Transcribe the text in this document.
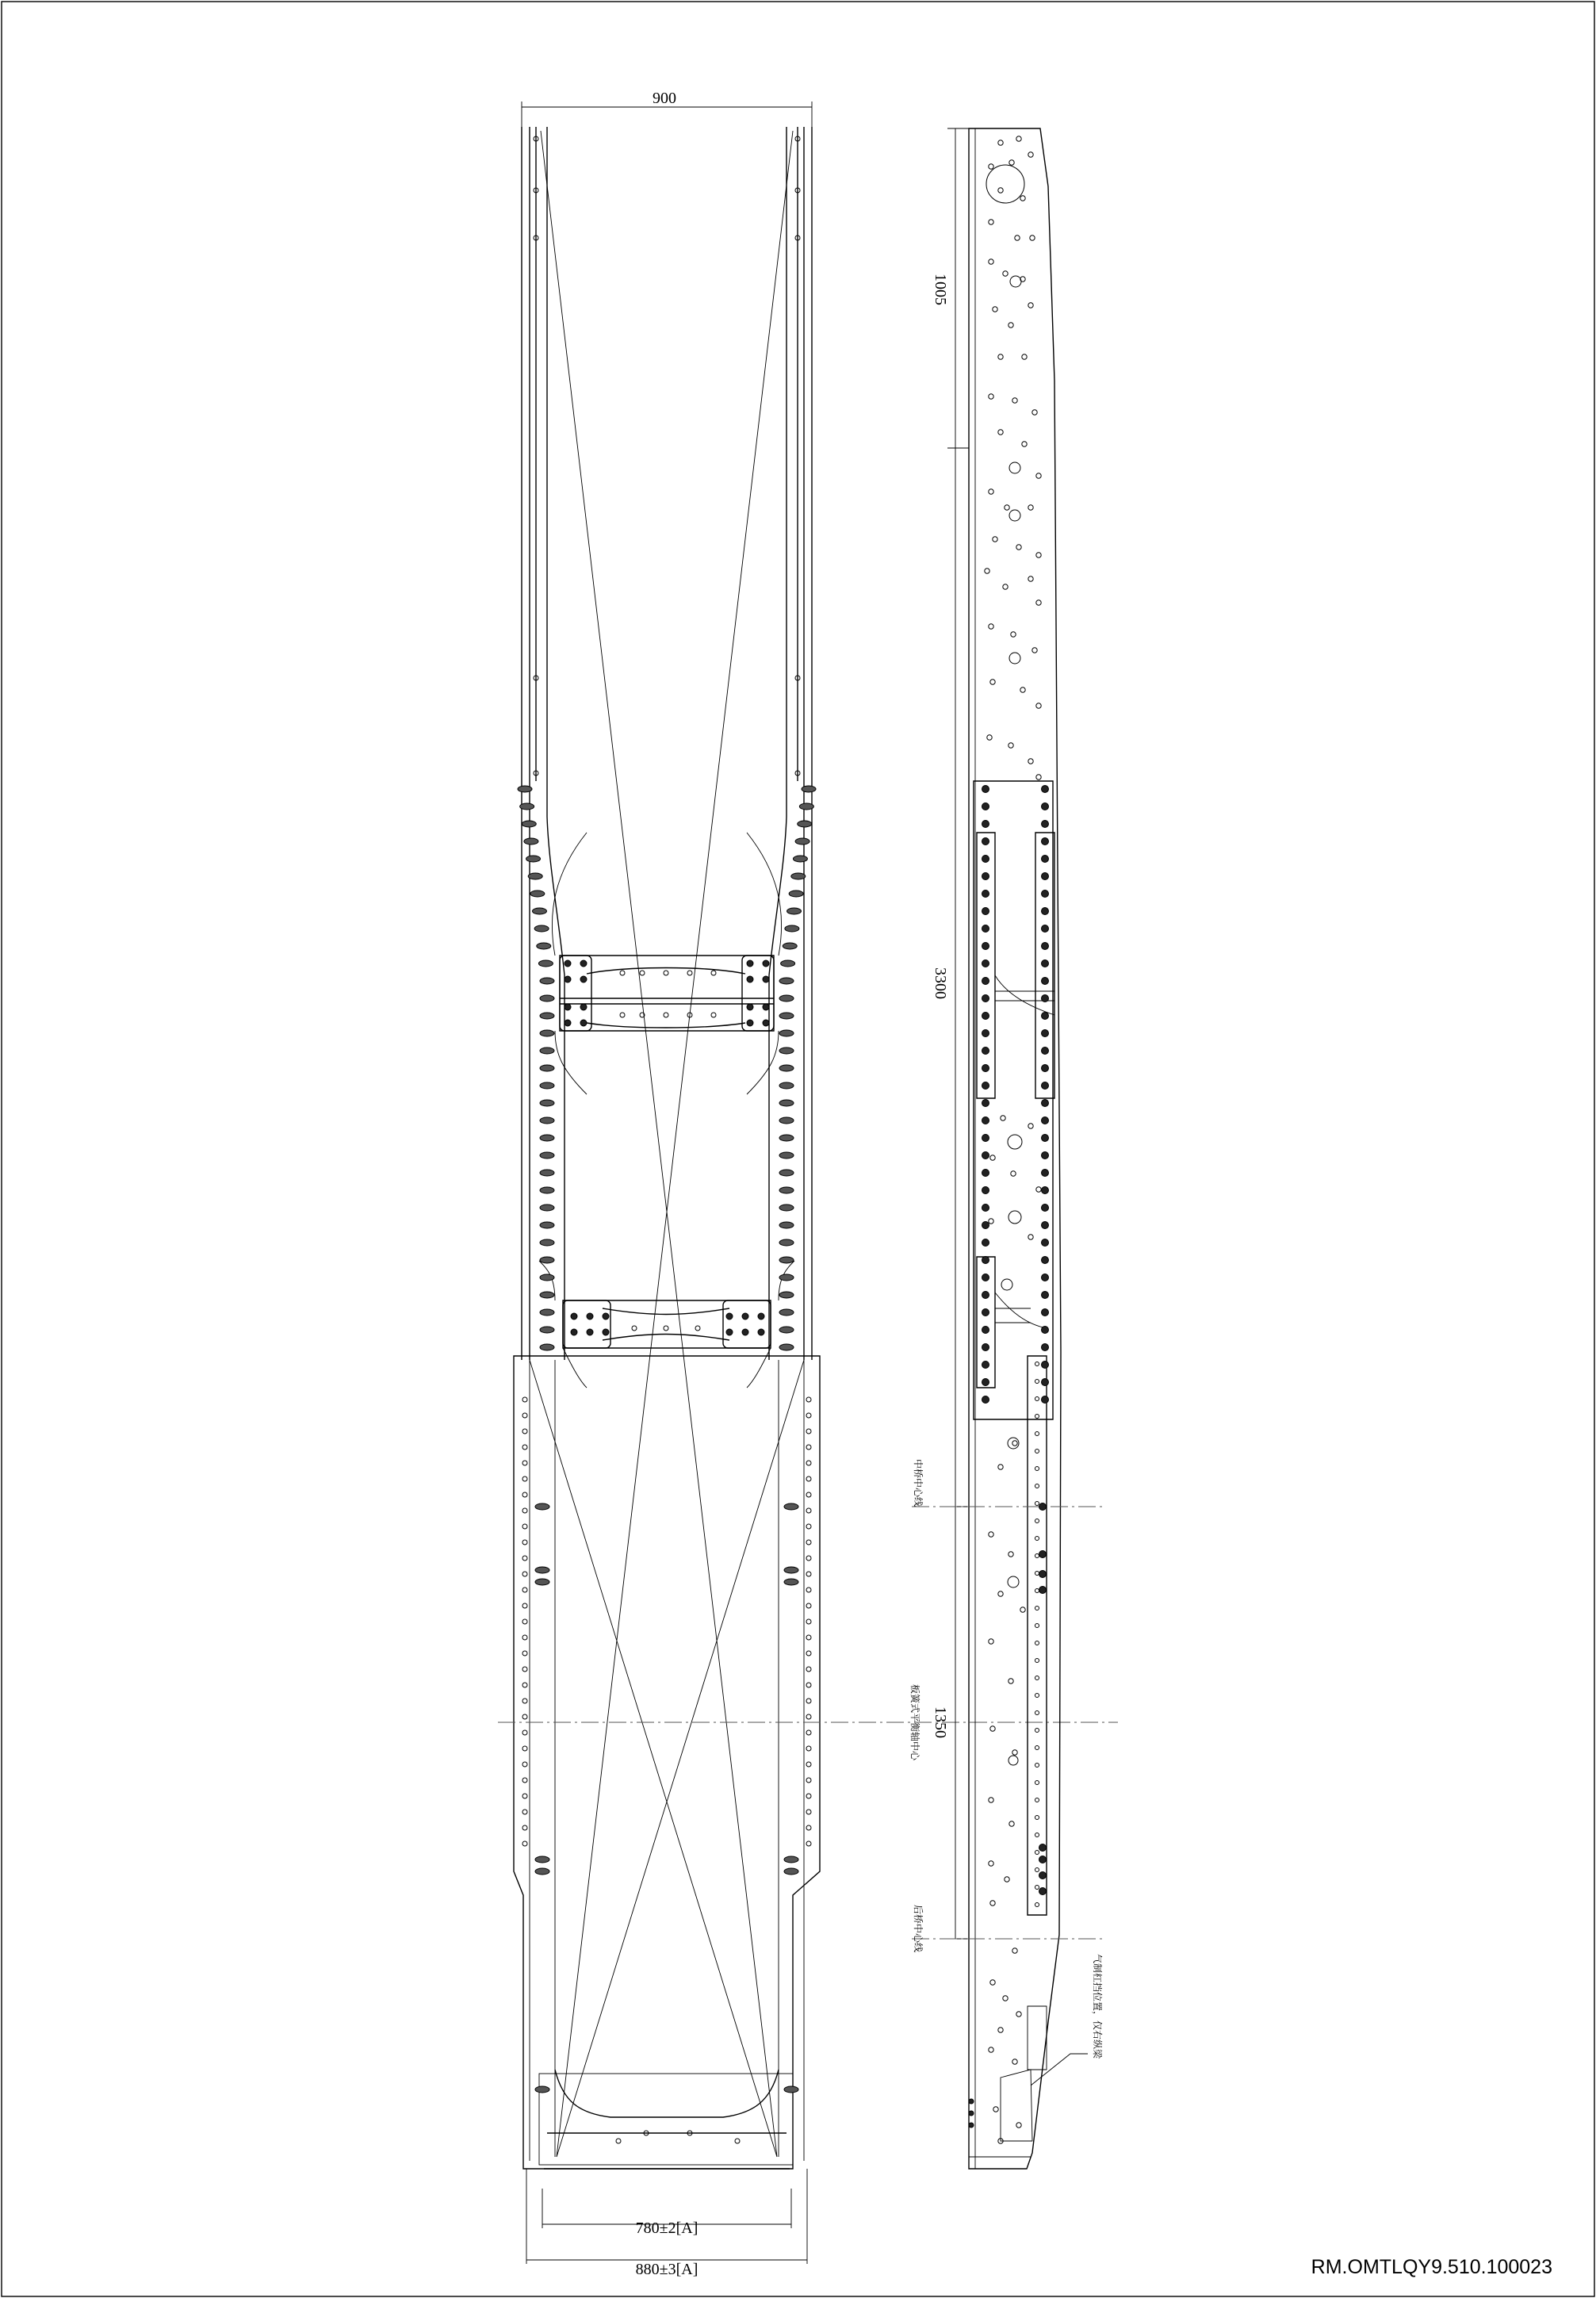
900
780±2[A]
880±3[A]
1005
3300
1350
中桥中心线
板簧式平衡轴中心
后桥中心线
气制杠挡位置，仅右纵梁
RM.OMTLQY9.510.100023
